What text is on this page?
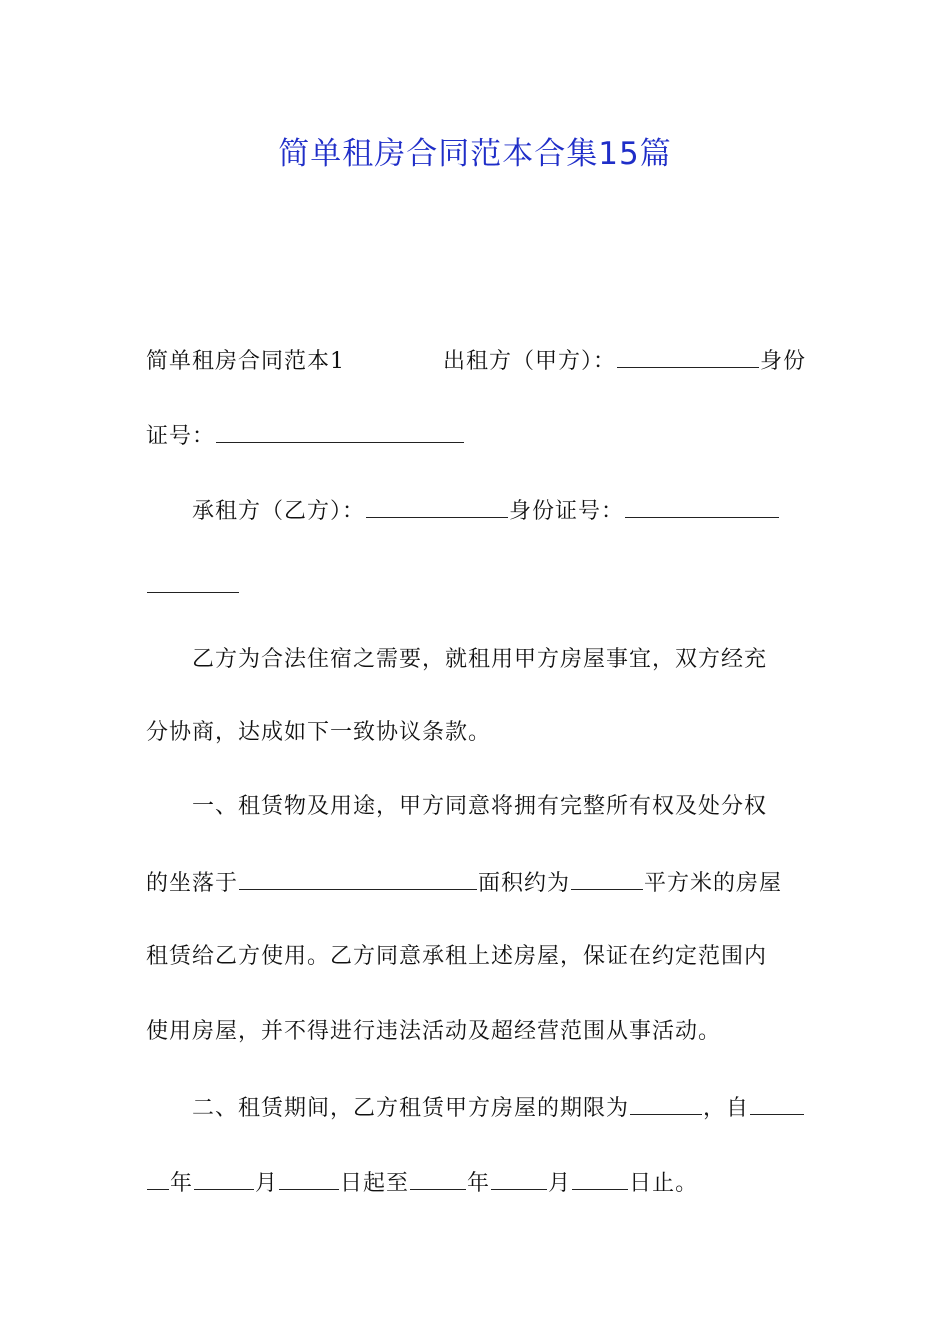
简单租房合同范本合集15篇
简单租房合同范本1	出租方（甲方）：	身份
证号：
承租方（乙方）：	身份证号：
乙方为合法住宿之需要，就租用甲方房屋事宜，双方经充
分协商，达成如下一致协议条款。
一、租赁物及用途，甲方同意将拥有完整所有权及处分权
的坐落于	面积约为	平方米的房屋
租赁给乙方使用。乙方同意承租上述房屋，保证在约定范围内
使用房屋，并不得进行违法活动及超经营范围从事活动。
二、租赁期间，乙方租赁甲方房屋的期限为	，自
年	月	日起至	年	月	日止。
